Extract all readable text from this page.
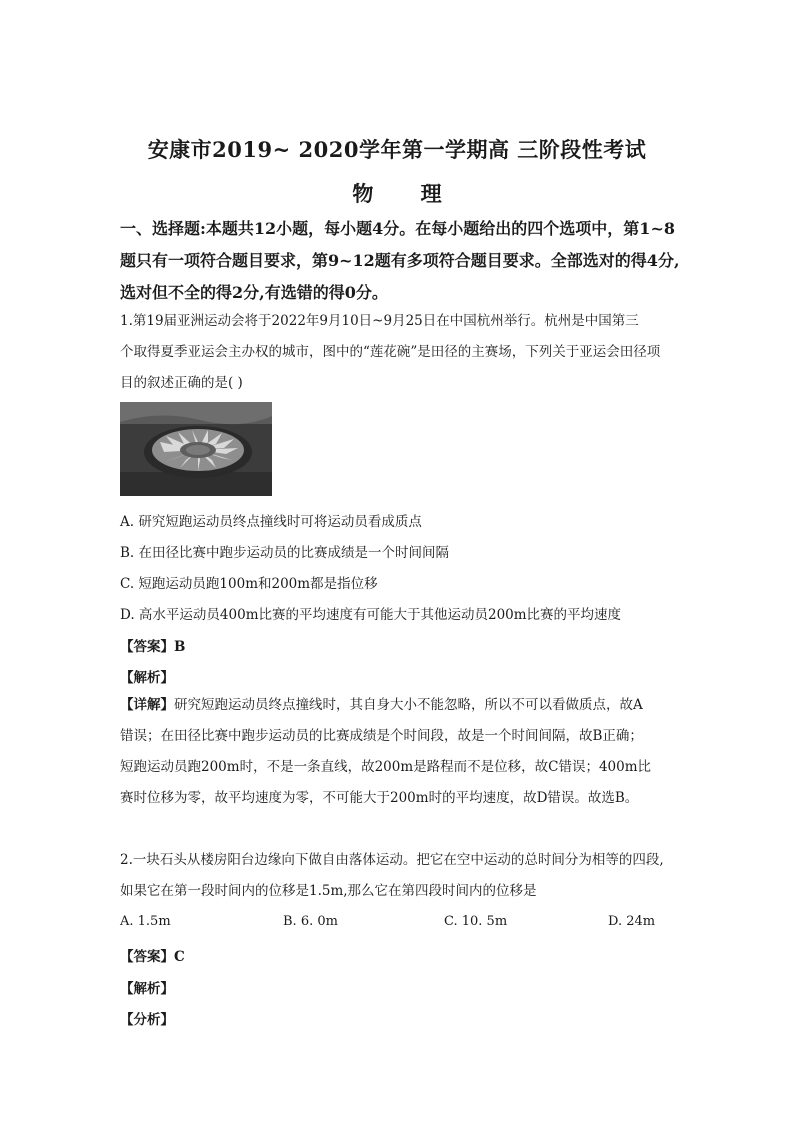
安康市2019~ 2020学年第一学期高 三阶段性考试
物 理
一、选择题:本题共12小题，每小题4分。在每小题给出的四个选项中，第1~8
题只有一项符合题目要求，第9~12题有多项符合题目要求。全部选对的得4分,
选对但不全的得2分,有选错的得0分。
1.第19届亚洲运动会将于2022年9月10日~9月25日在中国杭州举行。杭州是中国第三
个取得夏季亚运会主办权的城市，图中的“莲花碗”是田径的主赛场，下列关于亚运会田径项
目的叙述正确的是( )
A. 研究短跑运动员终点撞线时可将运动员看成质点
B. 在田径比赛中跑步运动员的比赛成绩是一个时间间隔
C. 短跑运动员跑100m和200m都是指位移
D. 高水平运动员400m比赛的平均速度有可能大于其他运动员200m比赛的平均速度
【答案】B
【解析】
【详解】研究短跑运动员终点撞线时，其自身大小不能忽略，所以不可以看做质点，故A
错误；在田径比赛中跑步运动员的比赛成绩是个时间段，故是一个时间间隔，故B正确；
短跑运动员跑200m时，不是一条直线，故200m是路程而不是位移，故C错误；400m比
赛时位移为零，故平均速度为零，不可能大于200m时的平均速度，故D错误。故选B。
2.一块石头从楼房阳台边缘向下做自由落体运动。把它在空中运动的总时间分为相等的四段,
如果它在第一段时间内的位移是1.5m,那么它在第四段时间内的位移是
A. 1.5m	B. 6. 0m	C. 10. 5m	D. 24m
【答案】C
【解析】
【分析】
